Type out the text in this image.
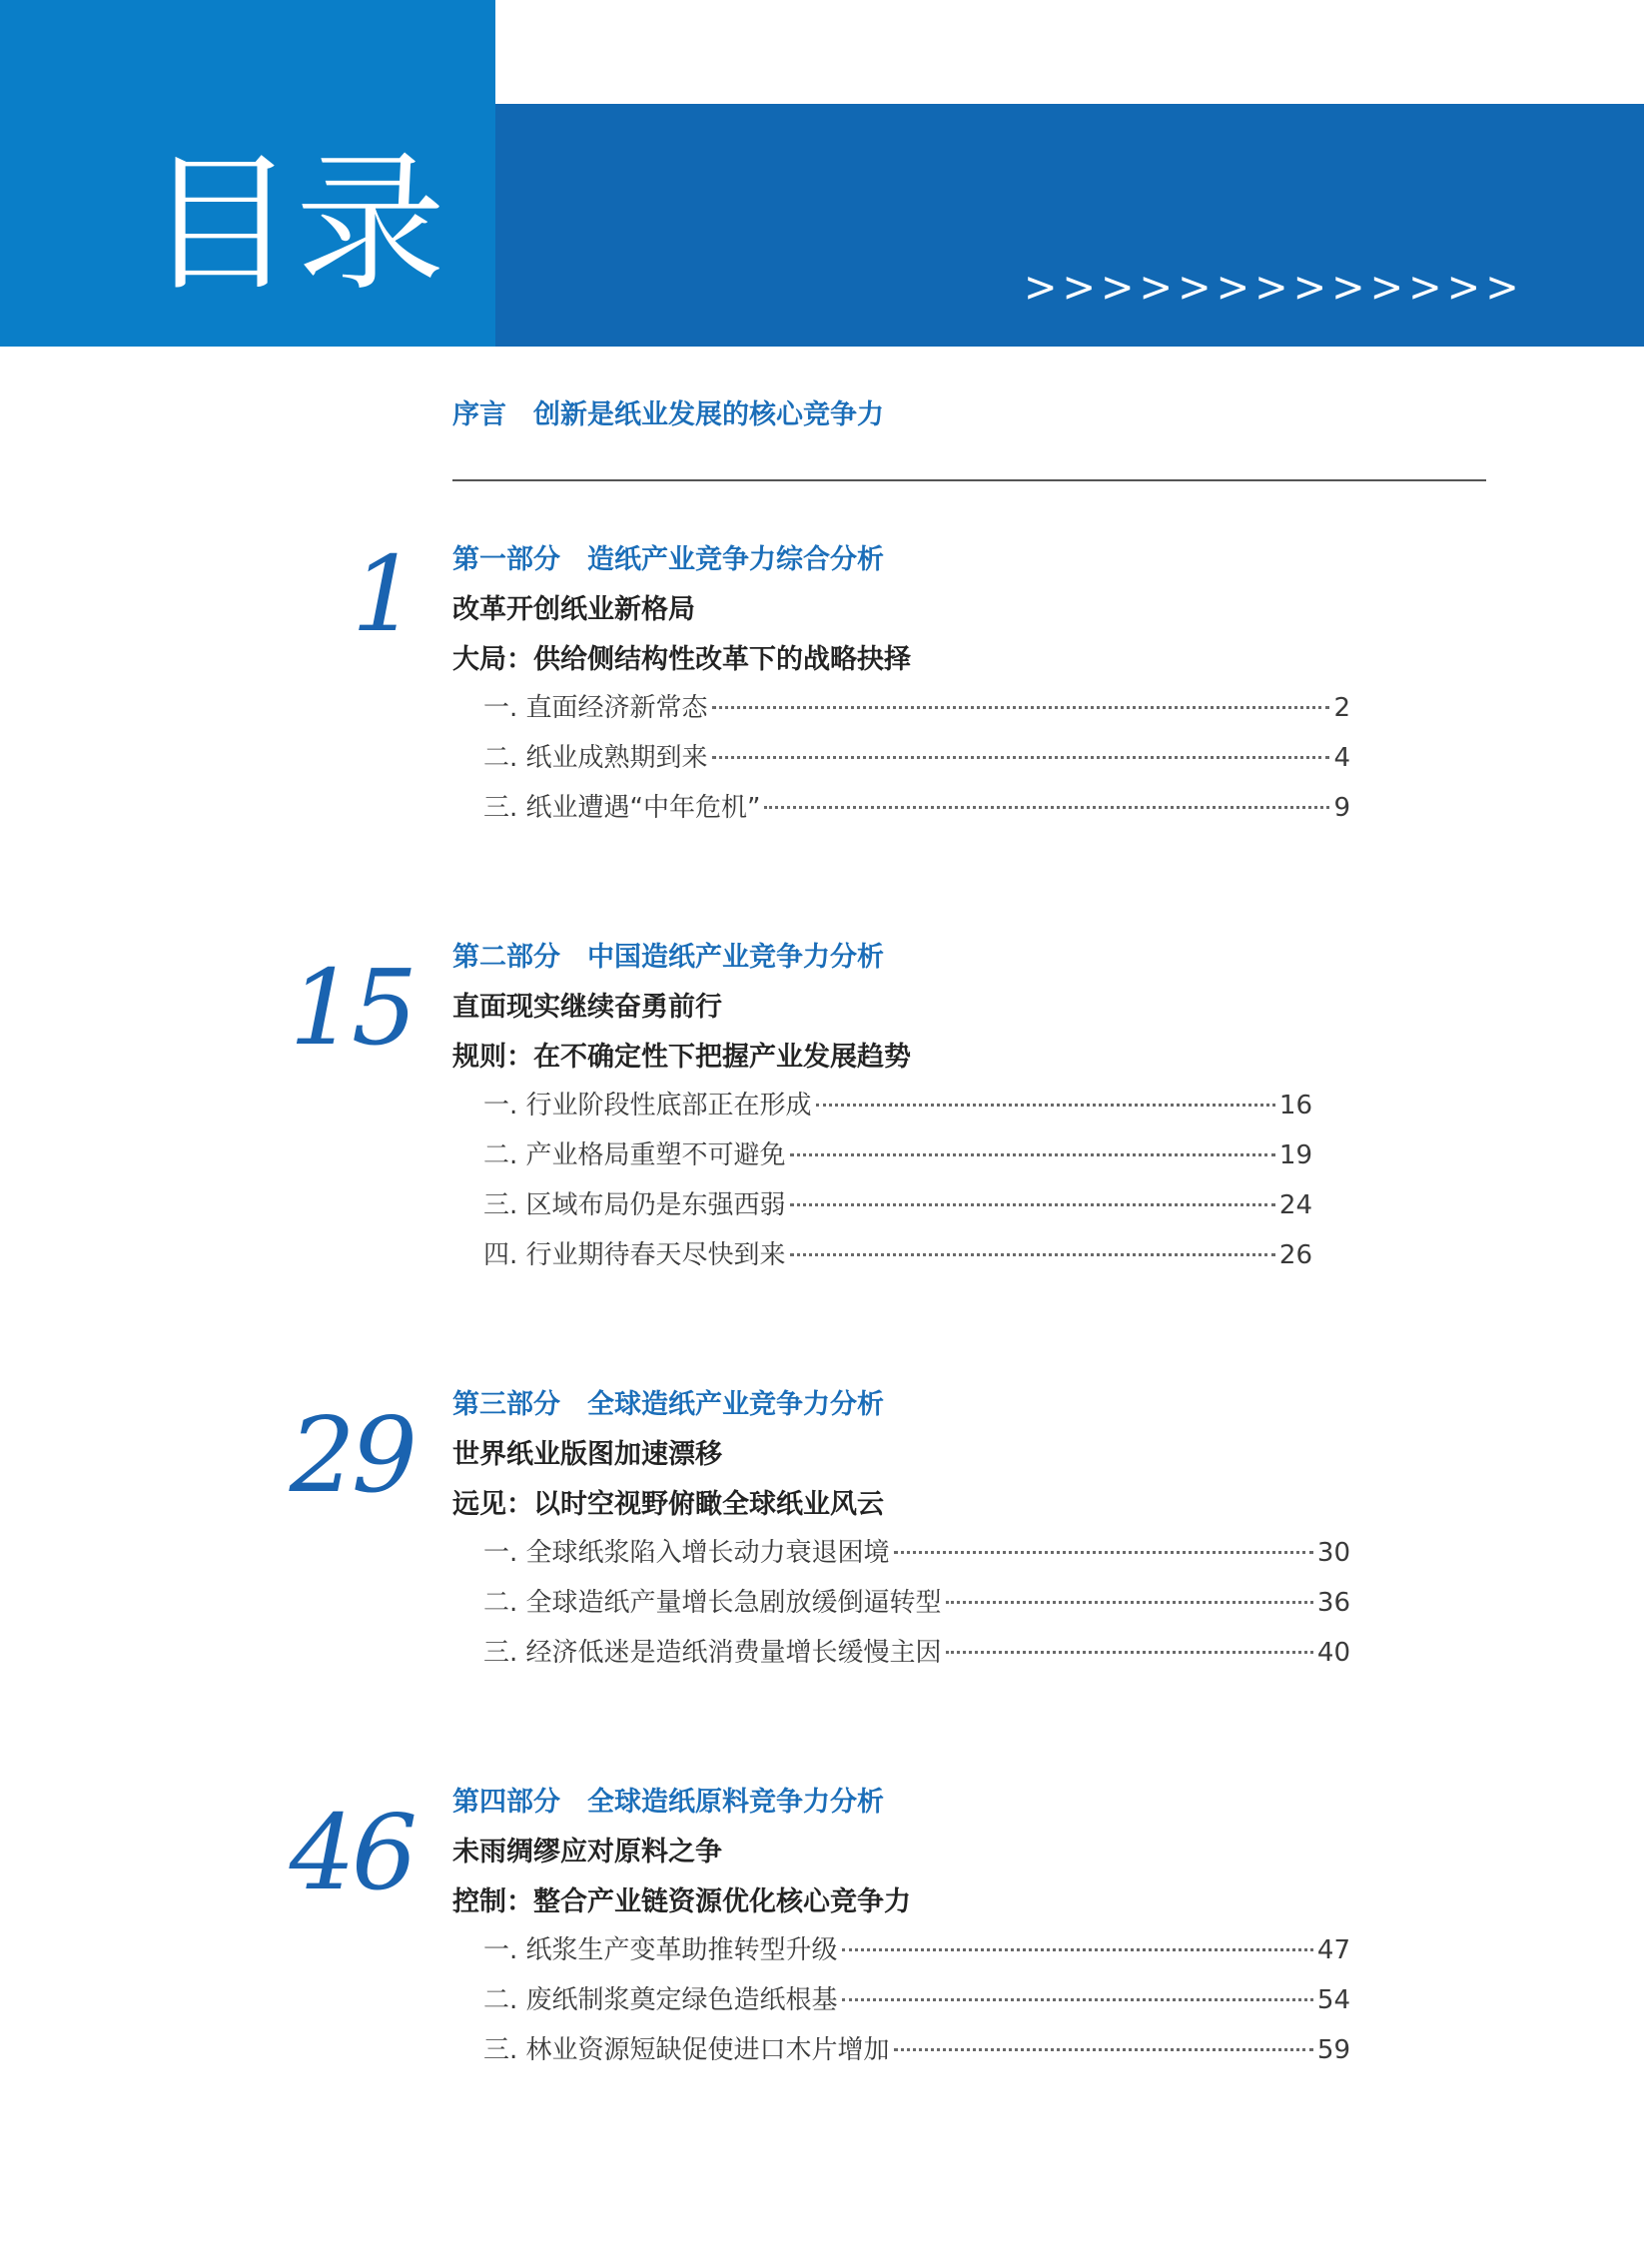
目录	>>>>>>>>>>>>>
序言　创新是纸业发展的核心竞争力
1 第一部分　造纸产业竞争力综合分析
改革开创纸业新格局
大局：供给侧结构性改革下的战略抉择
一. 直面经济新常态	2
二. 纸业成熟期到来	4
三. 纸业遭遇“中年危机”	9
15 第二部分　中国造纸产业竞争力分析
直面现实继续奋勇前行
规则：在不确定性下把握产业发展趋势
一. 行业阶段性底部正在形成	16
二. 产业格局重塑不可避免	19
三. 区域布局仍是东强西弱	24
四. 行业期待春天尽快到来	26
29 第三部分　全球造纸产业竞争力分析
世界纸业版图加速漂移
远见：以时空视野俯瞰全球纸业风云
一. 全球纸浆陷入增长动力衰退困境	30
二. 全球造纸产量增长急剧放缓倒逼转型	36
三. 经济低迷是造纸消费量增长缓慢主因	40
46 第四部分　全球造纸原料竞争力分析
未雨绸缪应对原料之争
控制：整合产业链资源优化核心竞争力
一. 纸浆生产变革助推转型升级	47
二. 废纸制浆奠定绿色造纸根基	54
三. 林业资源短缺促使进口木片增加	59
